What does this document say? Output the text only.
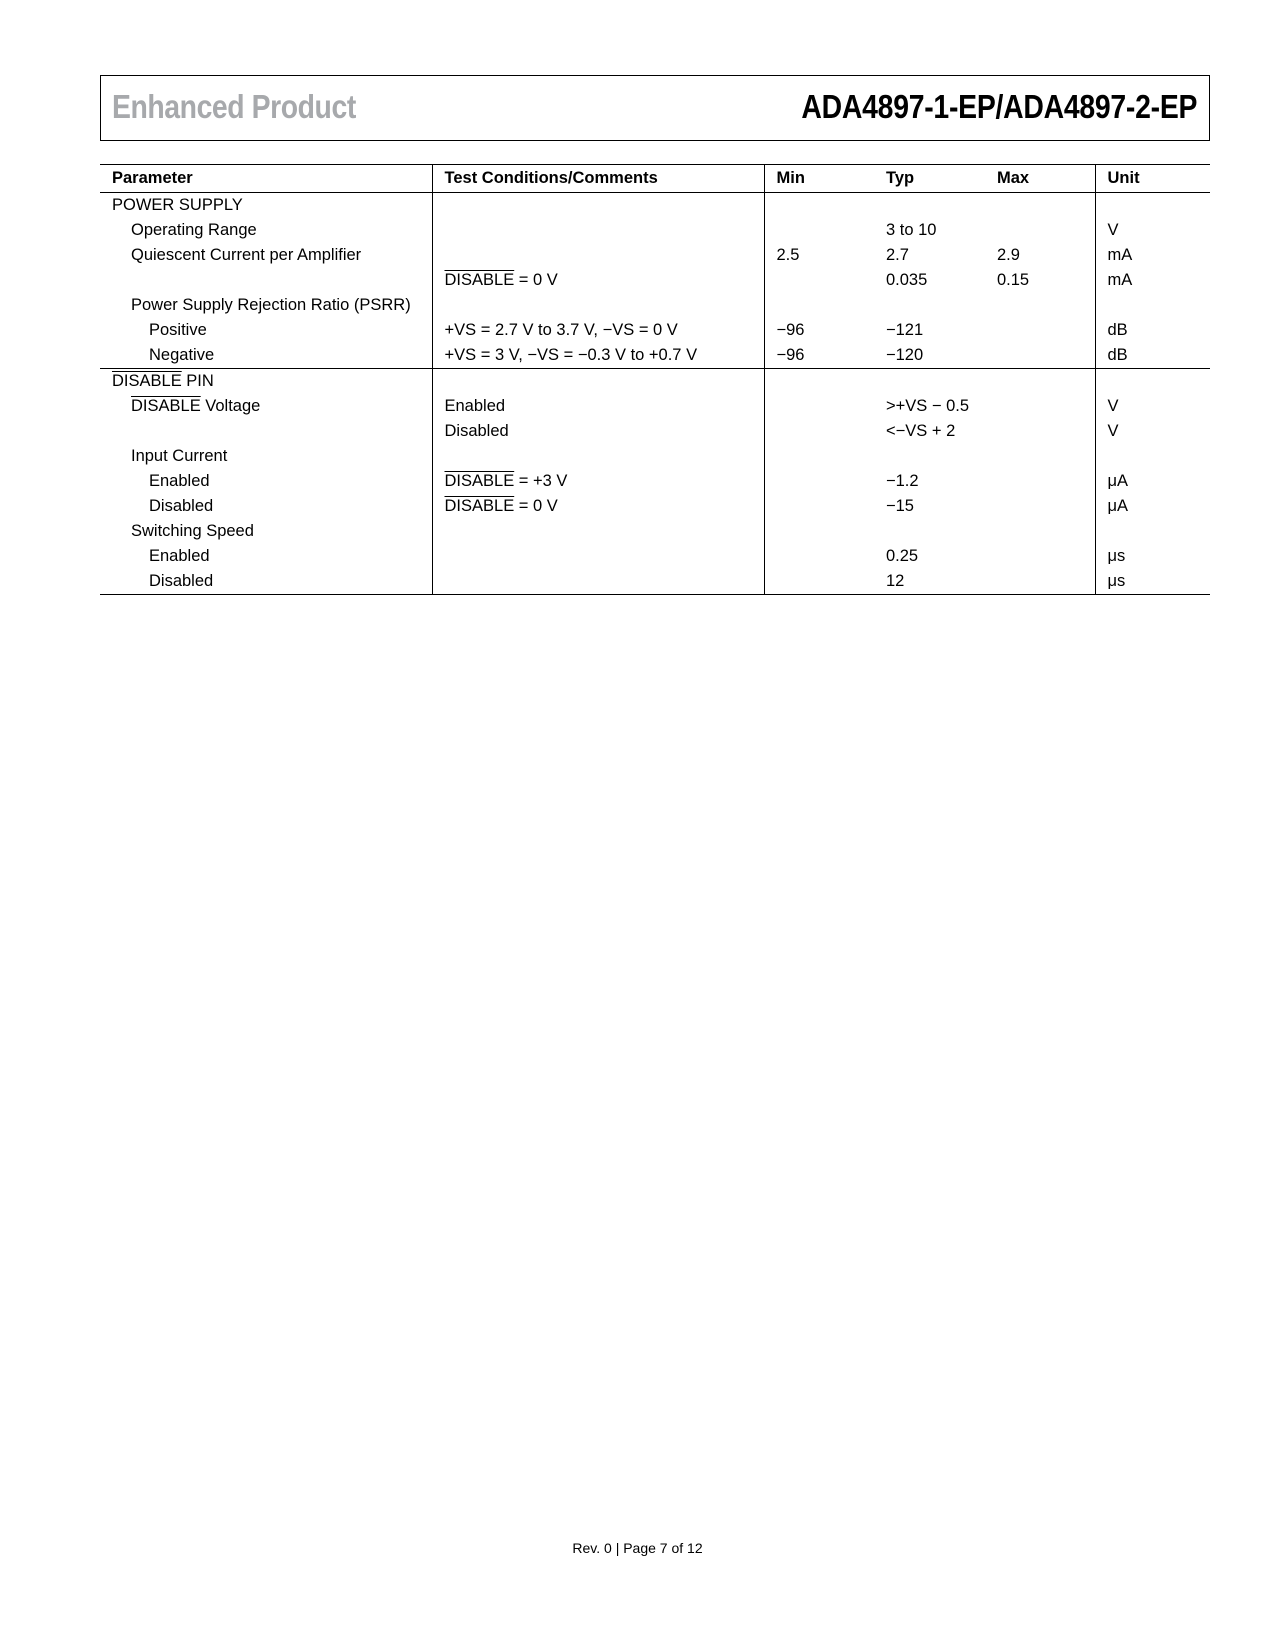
Enhanced Product	ADA4897-1-EP/ADA4897-2-EP
Parameter	Test Conditions/Comments	Min	Typ	Max	Unit
POWER SUPPLY					
Operating Range			3 to 10		V
Quiescent Current per Amplifier		2.5	2.7	2.9	mA
	DISABLE = 0 V		0.035	0.15	mA
Power Supply Rejection Ratio (PSRR)					
Positive	+VS = 2.7 V to 3.7 V, −VS = 0 V	−96	−121		dB
Negative	+VS = 3 V, −VS = −0.3 V to +0.7 V	−96	−120		dB
DISABLE PIN					
DISABLE Voltage	Enabled		>+VS − 0.5		V
	Disabled		<−VS + 2		V
Input Current					
Enabled	DISABLE = +3 V		−1.2		μA
Disabled	DISABLE = 0 V		−15		μA
Switching Speed					
Enabled			0.25		μs
Disabled			12		μs
Rev. 0 | Page 7 of 12
